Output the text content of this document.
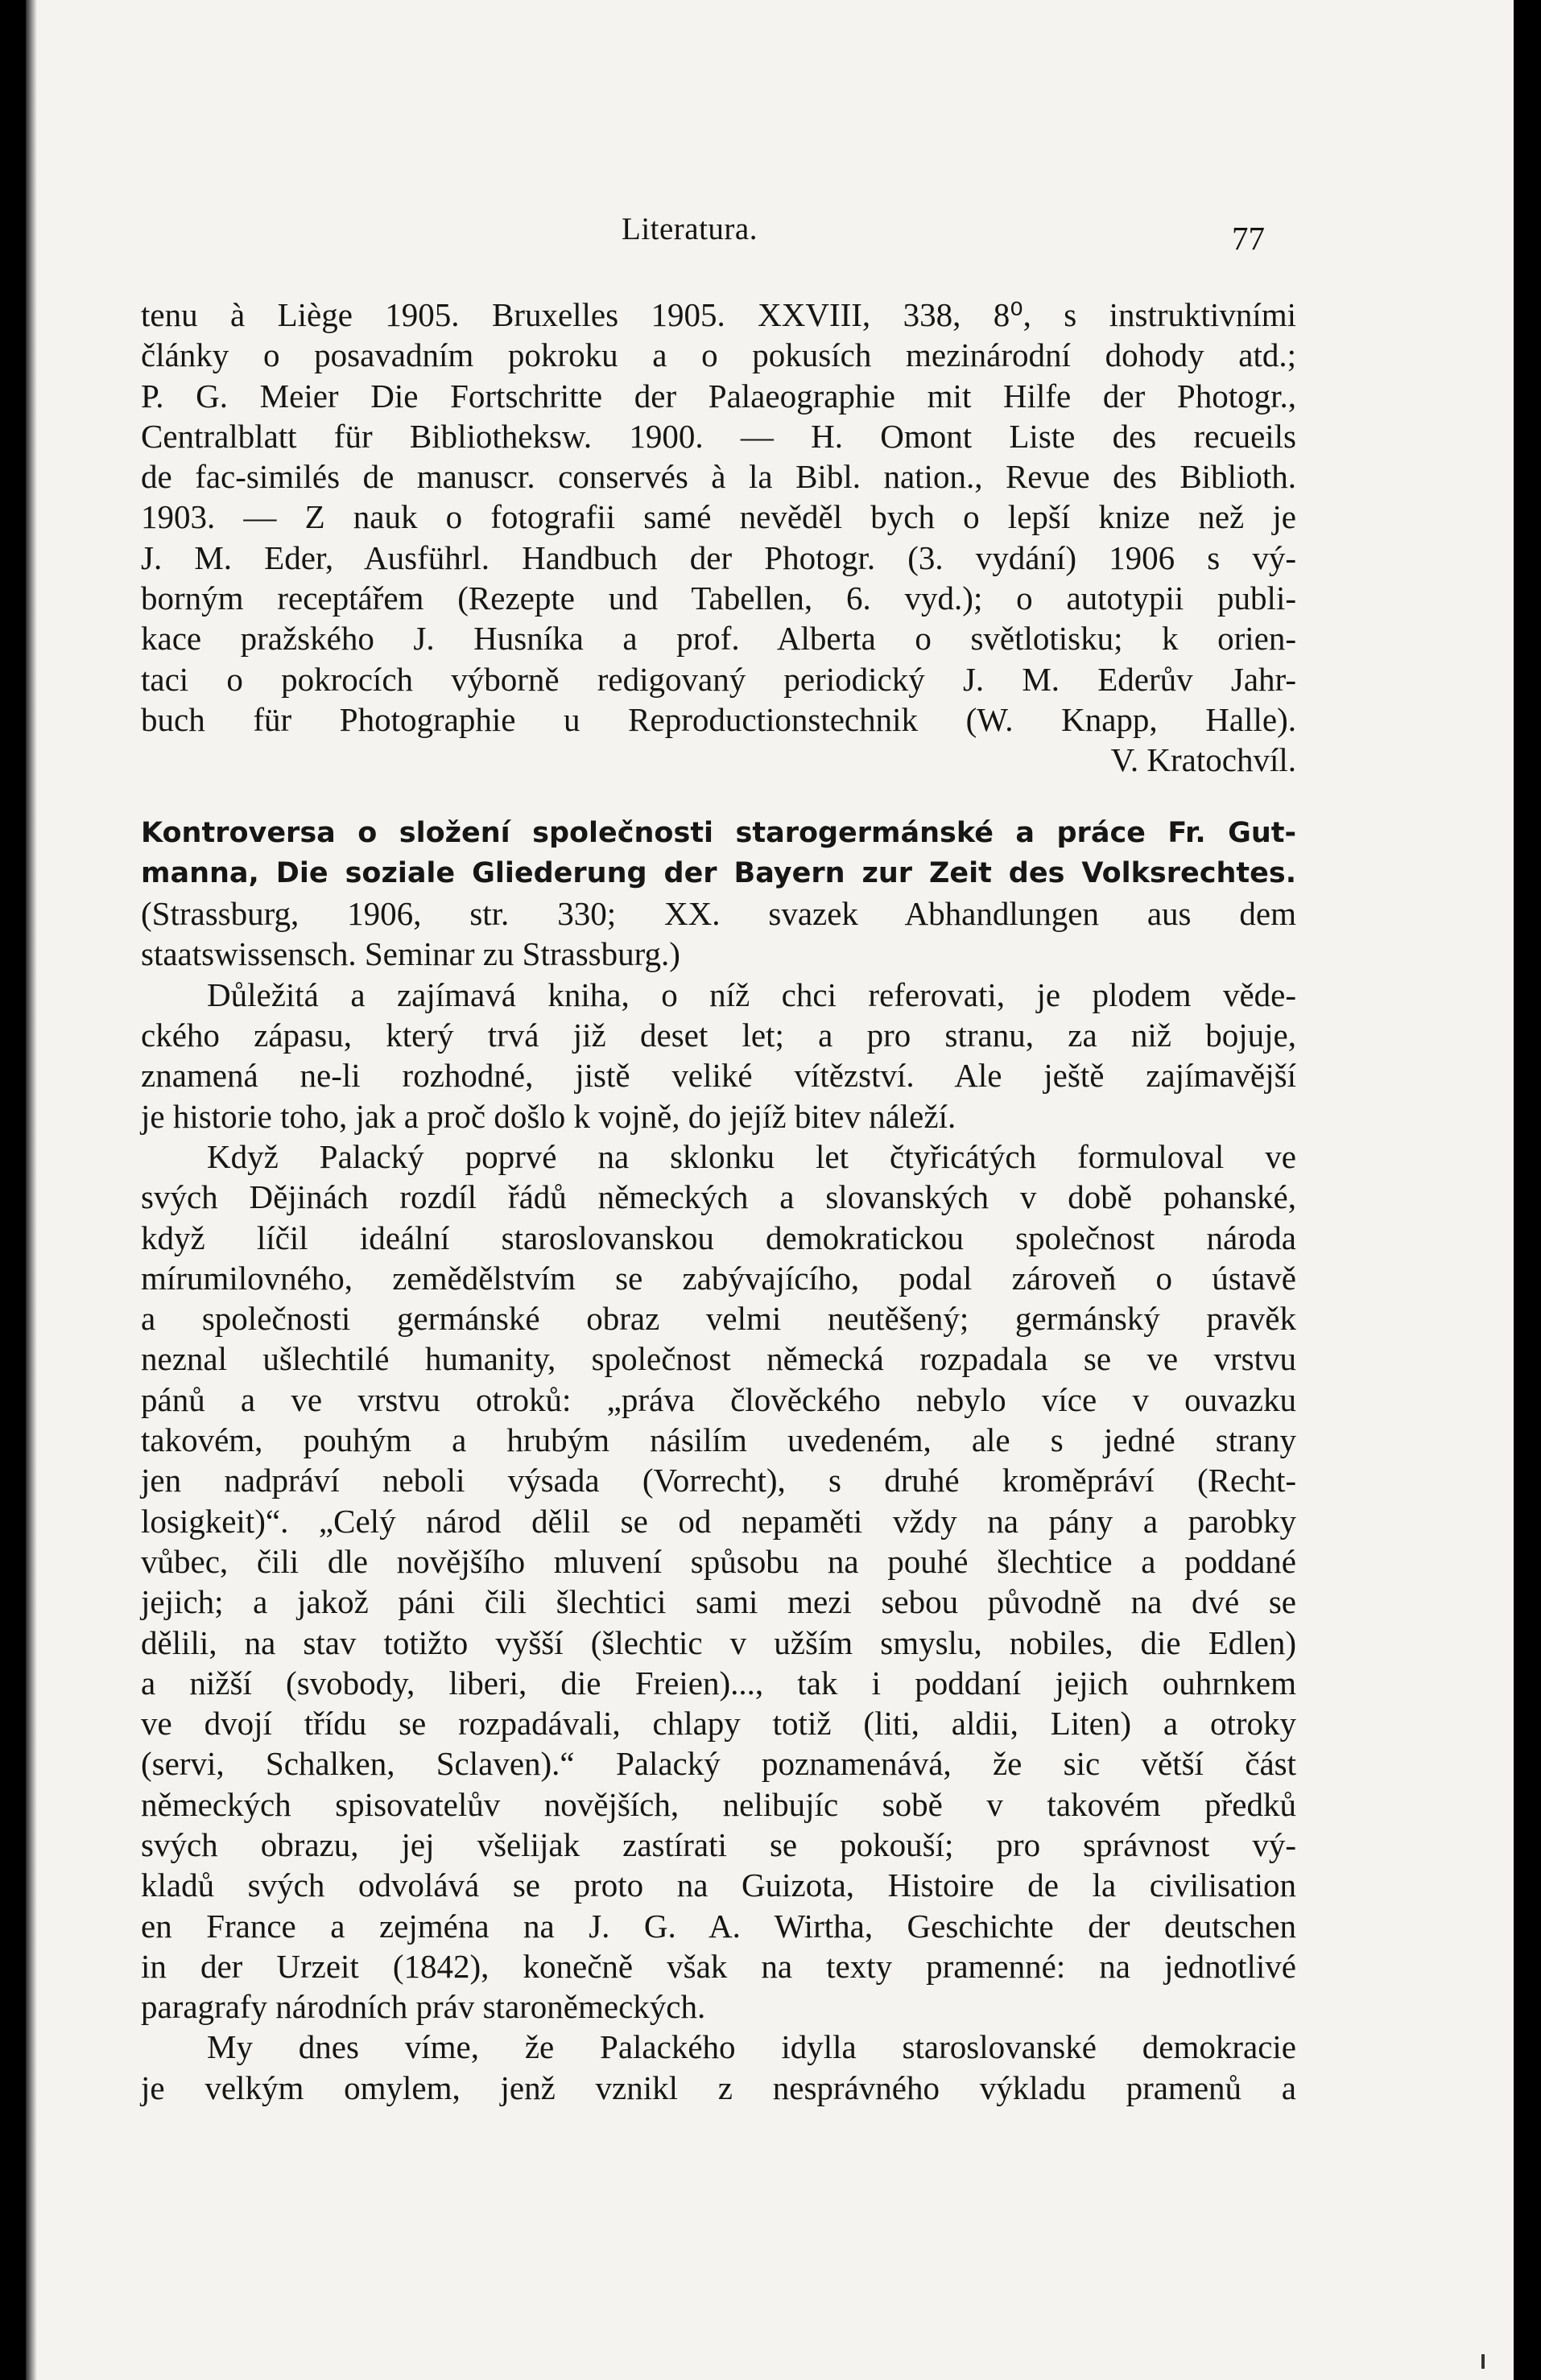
Literatura.	77
tenu à Liège 1905. Bruxelles 1905. XXVIII, 338, 8⁰, s instruktivními
články o posavadním pokroku a o pokusích mezinárodní dohody atd.;
P. G. Meier Die Fortschritte der Palaeographie mit Hilfe der Photogr.,
Centralblatt für Bibliotheksw. 1900. — H. Omont Liste des recueils
de fac-similés de manuscr. conservés à la Bibl. nation., Revue des Biblioth.
1903. — Z nauk o fotografii samé nevěděl bych o lepší knize než je
J. M. Eder, Ausführl. Handbuch der Photogr. (3. vydání) 1906 s vý-
borným receptářem (Rezepte und Tabellen, 6. vyd.); o autotypii publi-
kace pražského J. Husníka a prof. Alberta o světlotisku; k orien-
taci o pokrocích výborně redigovaný periodický J. M. Ederův Jahr-
buch für Photographie u Reproductionstechnik (W. Knapp, Halle).
V. Kratochvíl.
Kontroversa o složení společnosti starogermánské a práce Fr. Gut-
manna, Die soziale Gliederung der Bayern zur Zeit des Volksrechtes.
(Strassburg, 1906, str. 330; XX. svazek Abhandlungen aus dem
staatswissensch. Seminar zu Strassburg.)
Důležitá a zajímavá kniha, o níž chci referovati, je plodem věde-
ckého zápasu, který trvá již deset let; a pro stranu, za niž bojuje,
znamená ne-li rozhodné, jistě veliké vítězství. Ale ještě zajímavější
je historie toho, jak a proč došlo k vojně, do jejíž bitev náleží.
Když Palacký poprvé na sklonku let čtyřicátých formuloval ve
svých Dějinách rozdíl řádů německých a slovanských v době pohanské,
když líčil ideální staroslovanskou demokratickou společnost národa
mírumilovného, zemědělstvím se zabývajícího, podal zároveň o ústavě
a společnosti germánské obraz velmi neutěšený; germánský pravěk
neznal ušlechtilé humanity, společnost německá rozpadala se ve vrstvu
pánů a ve vrstvu otroků: „práva člověckého nebylo více v ouvazku
takovém, pouhým a hrubým násilím uvedeném, ale s jedné strany
jen nadpráví neboli výsada (Vorrecht), s druhé kroměpráví (Recht-
losigkeit)“. „Celý národ dělil se od nepaměti vždy na pány a parobky
vůbec, čili dle novějšího mluvení spůsobu na pouhé šlechtice a poddané
jejich; a jakož páni čili šlechtici sami mezi sebou původně na dvé se
dělili, na stav totižto vyšší (šlechtic v užším smyslu, nobiles, die Edlen)
a nižší (svobody, liberi, die Freien)..., tak i poddaní jejich ouhrnkem
ve dvojí třídu se rozpadávali, chlapy totiž (liti, aldii, Liten) a otroky
(servi, Schalken, Sclaven).“ Palacký poznamenává, že sic větší část
německých spisovatelův novějších, nelibujíc sobě v takovém předků
svých obrazu, jej všelijak zastírati se pokouší; pro správnost vý-
kladů svých odvolává se proto na Guizota, Histoire de la civilisation
en France a zejména na J. G. A. Wirtha, Geschichte der deutschen
in der Urzeit (1842), konečně však na texty pramenné: na jednotlivé
paragrafy národních práv staroněmeckých.
My dnes víme, že Palackého idylla staroslovanské demokracie
je velkým omylem, jenž vznikl z nesprávného výkladu pramenů a
